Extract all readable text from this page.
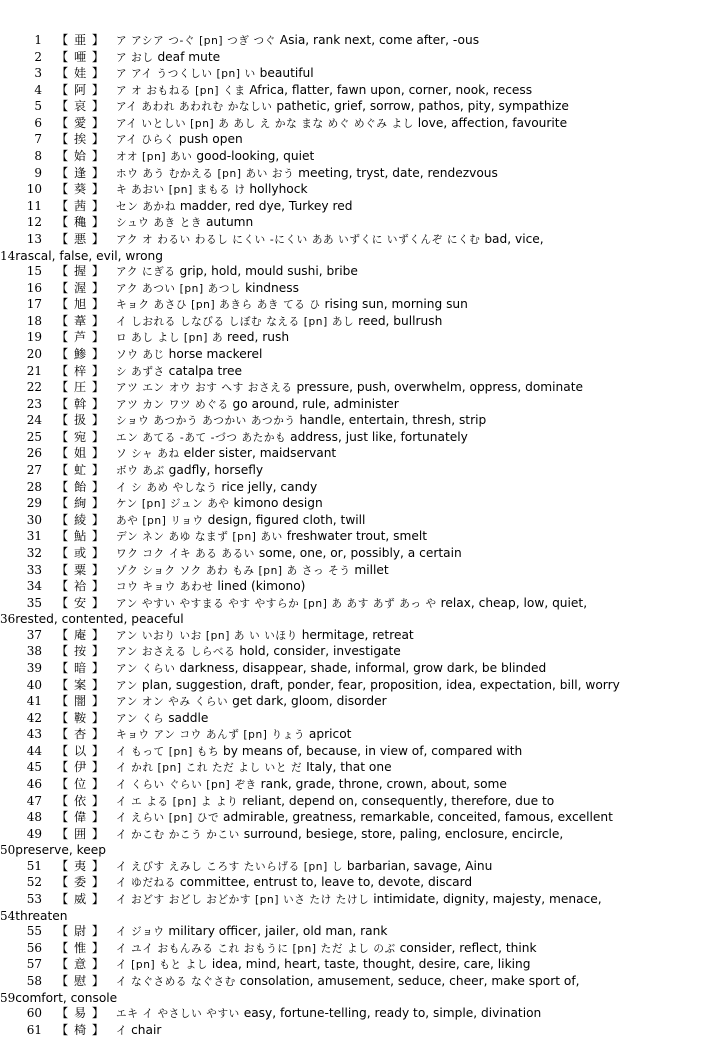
1 【 亜 】 ア アシア つ-ぐ [pn] つぎ つぐ Asia, rank next, come after, -ous
2 【 唖 】 ア おし deaf mute
3 【 娃 】 ア アイ うつくしい [pn] い beautiful
4 【 阿 】 ア オ おもねる [pn] くま Africa, flatter, fawn upon, corner, nook, recess
5 【 哀 】 アイ あわれ あわれむ かなしい pathetic, grief, sorrow, pathos, pity, sympathize
6 【 愛 】 アイ いとしい [pn] あ あし え かな まな めぐ めぐみ よし love, affection, favourite
7 【 挨 】 アイ ひらく push open
8 【 姶 】 オオ [pn] あい good-looking, quiet
9 【 逢 】 ホウ あう むかえる [pn] あい おう meeting, tryst, date, rendezvous
10 【 葵 】 キ あおい [pn] まもる け hollyhock
11 【 茜 】 セン あかね madder, red dye, Turkey red
12 【 穐 】 シュウ あき とき autumn
13 【 悪 】 アク オ わるい わるし にくい -にくい ああ いずくに いずくんぞ にくむ bad, vice,
14rascal, false, evil, wrong
15 【 握 】 アク にぎる grip, hold, mould sushi, bribe
16 【 渥 】 アク あつい [pn] あつし kindness
17 【 旭 】 キョク あさひ [pn] あきら あき てる ひ rising sun, morning sun
18 【 葦 】 イ しおれる しなびる しぼむ なえる [pn] あし reed, bullrush
19 【 芦 】 ロ あし よし [pn] あ reed, rush
20 【 鯵 】 ソウ あじ horse mackerel
21 【 梓 】 シ あずさ catalpa tree
22 【 圧 】 アツ エン オウ おす へす おさえる pressure, push, overwhelm, oppress, dominate
23 【 斡 】 アツ カン ワツ めぐる go around, rule, administer
24 【 扱 】 ショウ あつかう あつかい あつかう handle, entertain, thresh, strip
25 【 宛 】 エン あてる -あて -づつ あたかも address, just like, fortunately
26 【 姐 】 ソ シャ あね elder sister, maidservant
27 【 虻 】 ボウ あぶ gadfly, horsefly
28 【 飴 】 イ シ あめ やしなう rice jelly, candy
29 【 絢 】 ケン [pn] ジュン あや kimono design
30 【 綾 】 あや [pn] リョウ design, figured cloth, twill
31 【 鮎 】 デン ネン あゆ なまず [pn] あい freshwater trout, smelt
32 【 或 】 ワク コク イキ ある あるい some, one, or, possibly, a certain
33 【 粟 】 ゾク ショク ソク あわ もみ [pn] あ さっ そう millet
34 【 袷 】 コウ キョウ あわせ lined (kimono)
35 【 安 】 アン やすい やすまる やす やすらか [pn] あ あす あず あっ や relax, cheap, low, quiet,
36rested, contented, peaceful
37 【 庵 】 アン いおり いお [pn] あ い いほり hermitage, retreat
38 【 按 】 アン おさえる しらべる hold, consider, investigate
39 【 暗 】 アン くらい darkness, disappear, shade, informal, grow dark, be blinded
40 【 案 】 アン plan, suggestion, draft, ponder, fear, proposition, idea, expectation, bill, worry
41 【 闇 】 アン オン やみ くらい get dark, gloom, disorder
42 【 鞍 】 アン くら saddle
43 【 杏 】 キョウ アン コウ あんず [pn] りょう apricot
44 【 以 】 イ もって [pn] もち by means of, because, in view of, compared with
45 【 伊 】 イ かれ [pn] これ ただ よし いと だ Italy, that one
46 【 位 】 イ くらい ぐらい [pn] ぞき rank, grade, throne, crown, about, some
47 【 依 】 イ エ よる [pn] よ より reliant, depend on, consequently, therefore, due to
48 【 偉 】 イ えらい [pn] ひで admirable, greatness, remarkable, conceited, famous, excellent
49 【 囲 】 イ かこむ かこう かこい surround, besiege, store, paling, enclosure, encircle,
50preserve, keep
51 【 夷 】 イ えびす えみし ころす たいらげる [pn] し barbarian, savage, Ainu
52 【 委 】 イ ゆだねる committee, entrust to, leave to, devote, discard
53 【 威 】 イ おどす おどし おどかす [pn] いさ たけ たけし intimidate, dignity, majesty, menace,
54threaten
55 【 尉 】 イ ジョウ military officer, jailer, old man, rank
56 【 惟 】 イ ユイ おもんみる これ おもうに [pn] ただ よし のぶ consider, reflect, think
57 【 意 】 イ [pn] もと よし idea, mind, heart, taste, thought, desire, care, liking
58 【 慰 】 イ なぐさめる なぐさむ consolation, amusement, seduce, cheer, make sport of,
59comfort, console
60 【 易 】 エキ イ やさしい やすい easy, fortune-telling, ready to, simple, divination
61 【 椅 】 イ chair
